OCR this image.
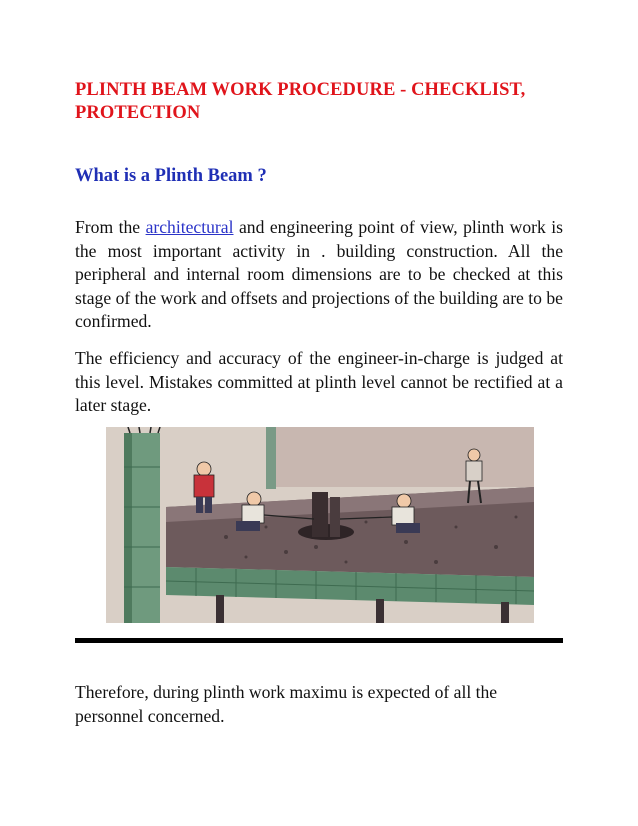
PLINTH BEAM WORK PROCEDURE - CHECKLIST, PROTECTION
What is a Plinth Beam ?

From the architectural and engineering point of view, plinth work is the most important activity in . building construction. All the peripheral and internal room dimensions are to be checked at this stage of the work and offsets and projections of the building are to be confirmed.

The efficiency and accuracy of the engineer-in-charge is judged at this level. Mistakes committed at plinth level cannot be rectified at a later stage.

Therefore, during plinth work maximu is expected of all the personnel concerned.
